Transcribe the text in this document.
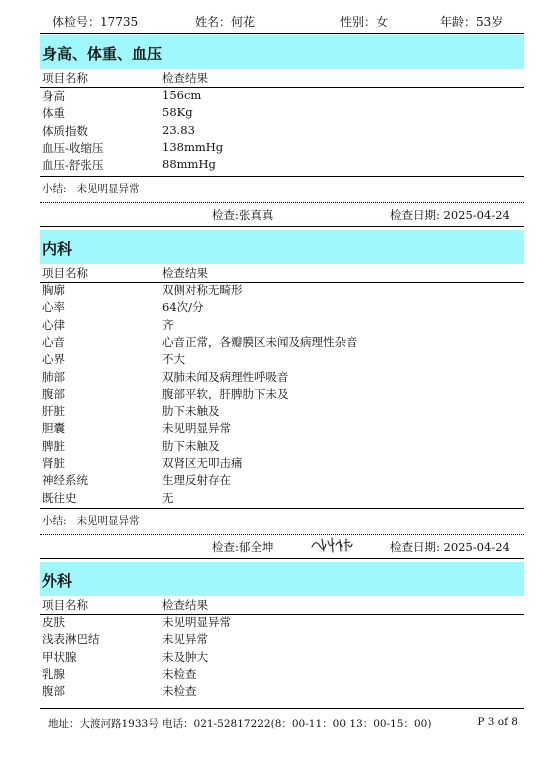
体检号：17735	姓名：何花	性别：女	年龄：53岁
身高、体重、血压
项目名称	检查结果
身高	156cm
体重	58Kg
体质指数	23.83
血压-收缩压	138mmHg
血压-舒张压	88mmHg
小结: 未见明显异常
检查:张真真	检查日期: 2025-04-24
内科
项目名称	检查结果
胸廓	双侧对称无畸形
心率	64次/分
心律	齐
心音	心音正常，各瓣膜区未闻及病理性杂音
心界	不大
肺部	双肺未闻及病理性呼吸音
腹部	腹部平软，肝脾肋下未及
肝脏	肋下未触及
胆囊	未见明显异常
脾脏	肋下未触及
肾脏	双肾区无叩击痛
神经系统	生理反射存在
既往史	无
小结: 未见明显异常
检查:郁全坤	检查日期: 2025-04-24
外科
项目名称	检查结果
皮肤	未见明显异常
浅表淋巴结	未见异常
甲状腺	未及肿大
乳腺	未检查
腹部	未检查
地址：大渡河路1933号 电话：021-52817222(8：00-11：00 13：00-15：00)	P 3 of 8
